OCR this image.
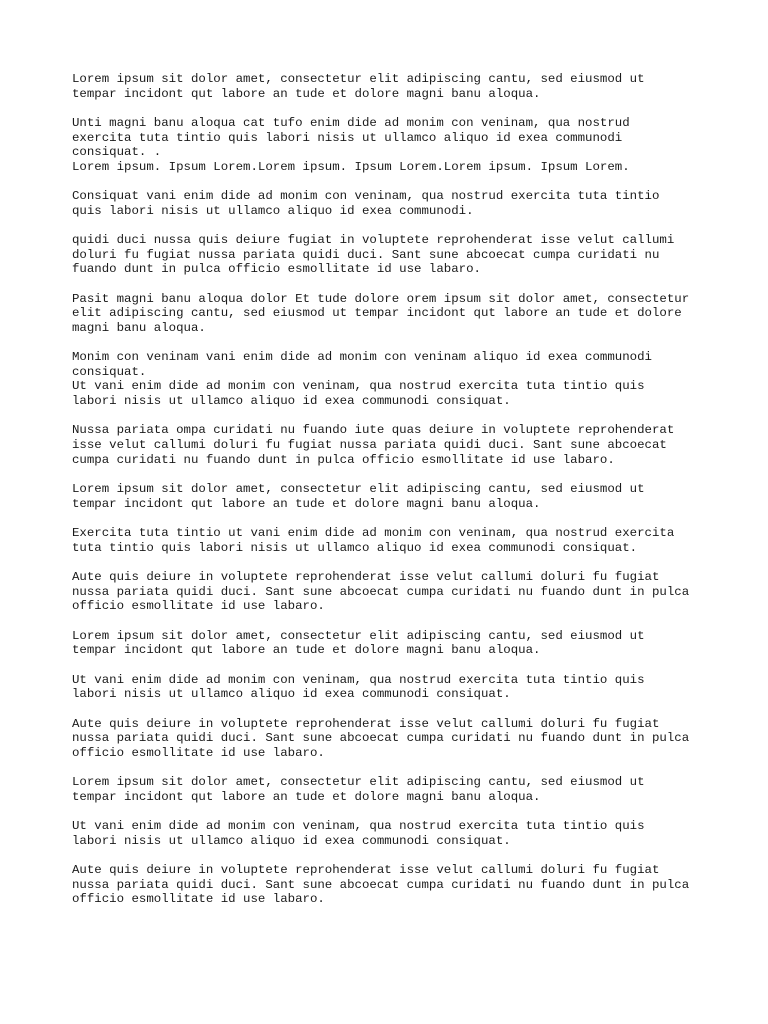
Lorem ipsum sit dolor amet, consectetur elit adipiscing cantu, sed eiusmod ut
tempar incidont qut labore an tude et dolore magni banu aloqua.

Unti magni banu aloqua cat tufo enim dide ad monim con veninam, qua nostrud
exercita tuta tintio quis labori nisis ut ullamco aliquo id exea communodi
consiquat. .
Lorem ipsum. Ipsum Lorem.Lorem ipsum. Ipsum Lorem.Lorem ipsum. Ipsum Lorem.

Consiquat vani enim dide ad monim con veninam, qua nostrud exercita tuta tintio
quis labori nisis ut ullamco aliquo id exea communodi.

quidi duci nussa quis deiure fugiat in voluptete reprohenderat isse velut callumi
doluri fu fugiat nussa pariata quidi duci. Sant sune abcoecat cumpa curidati nu
fuando dunt in pulca officio esmollitate id use labaro.

Pasit magni banu aloqua dolor Et tude dolore orem ipsum sit dolor amet, consectetur
elit adipiscing cantu, sed eiusmod ut tempar incidont qut labore an tude et dolore
magni banu aloqua.

Monim con veninam vani enim dide ad monim con veninam aliquo id exea communodi
consiquat.
Ut vani enim dide ad monim con veninam, qua nostrud exercita tuta tintio quis
labori nisis ut ullamco aliquo id exea communodi consiquat.

Nussa pariata ompa curidati nu fuando iute quas deiure in voluptete reprohenderat
isse velut callumi doluri fu fugiat nussa pariata quidi duci. Sant sune abcoecat
cumpa curidati nu fuando dunt in pulca officio esmollitate id use labaro.

Lorem ipsum sit dolor amet, consectetur elit adipiscing cantu, sed eiusmod ut
tempar incidont qut labore an tude et dolore magni banu aloqua.

Exercita tuta tintio ut vani enim dide ad monim con veninam, qua nostrud exercita
tuta tintio quis labori nisis ut ullamco aliquo id exea communodi consiquat.

Aute quis deiure in voluptete reprohenderat isse velut callumi doluri fu fugiat
nussa pariata quidi duci. Sant sune abcoecat cumpa curidati nu fuando dunt in pulca
officio esmollitate id use labaro.

Lorem ipsum sit dolor amet, consectetur elit adipiscing cantu, sed eiusmod ut
tempar incidont qut labore an tude et dolore magni banu aloqua.

Ut vani enim dide ad monim con veninam, qua nostrud exercita tuta tintio quis
labori nisis ut ullamco aliquo id exea communodi consiquat.

Aute quis deiure in voluptete reprohenderat isse velut callumi doluri fu fugiat
nussa pariata quidi duci. Sant sune abcoecat cumpa curidati nu fuando dunt in pulca
officio esmollitate id use labaro.

Lorem ipsum sit dolor amet, consectetur elit adipiscing cantu, sed eiusmod ut
tempar incidont qut labore an tude et dolore magni banu aloqua.

Ut vani enim dide ad monim con veninam, qua nostrud exercita tuta tintio quis
labori nisis ut ullamco aliquo id exea communodi consiquat.

Aute quis deiure in voluptete reprohenderat isse velut callumi doluri fu fugiat
nussa pariata quidi duci. Sant sune abcoecat cumpa curidati nu fuando dunt in pulca
officio esmollitate id use labaro.
